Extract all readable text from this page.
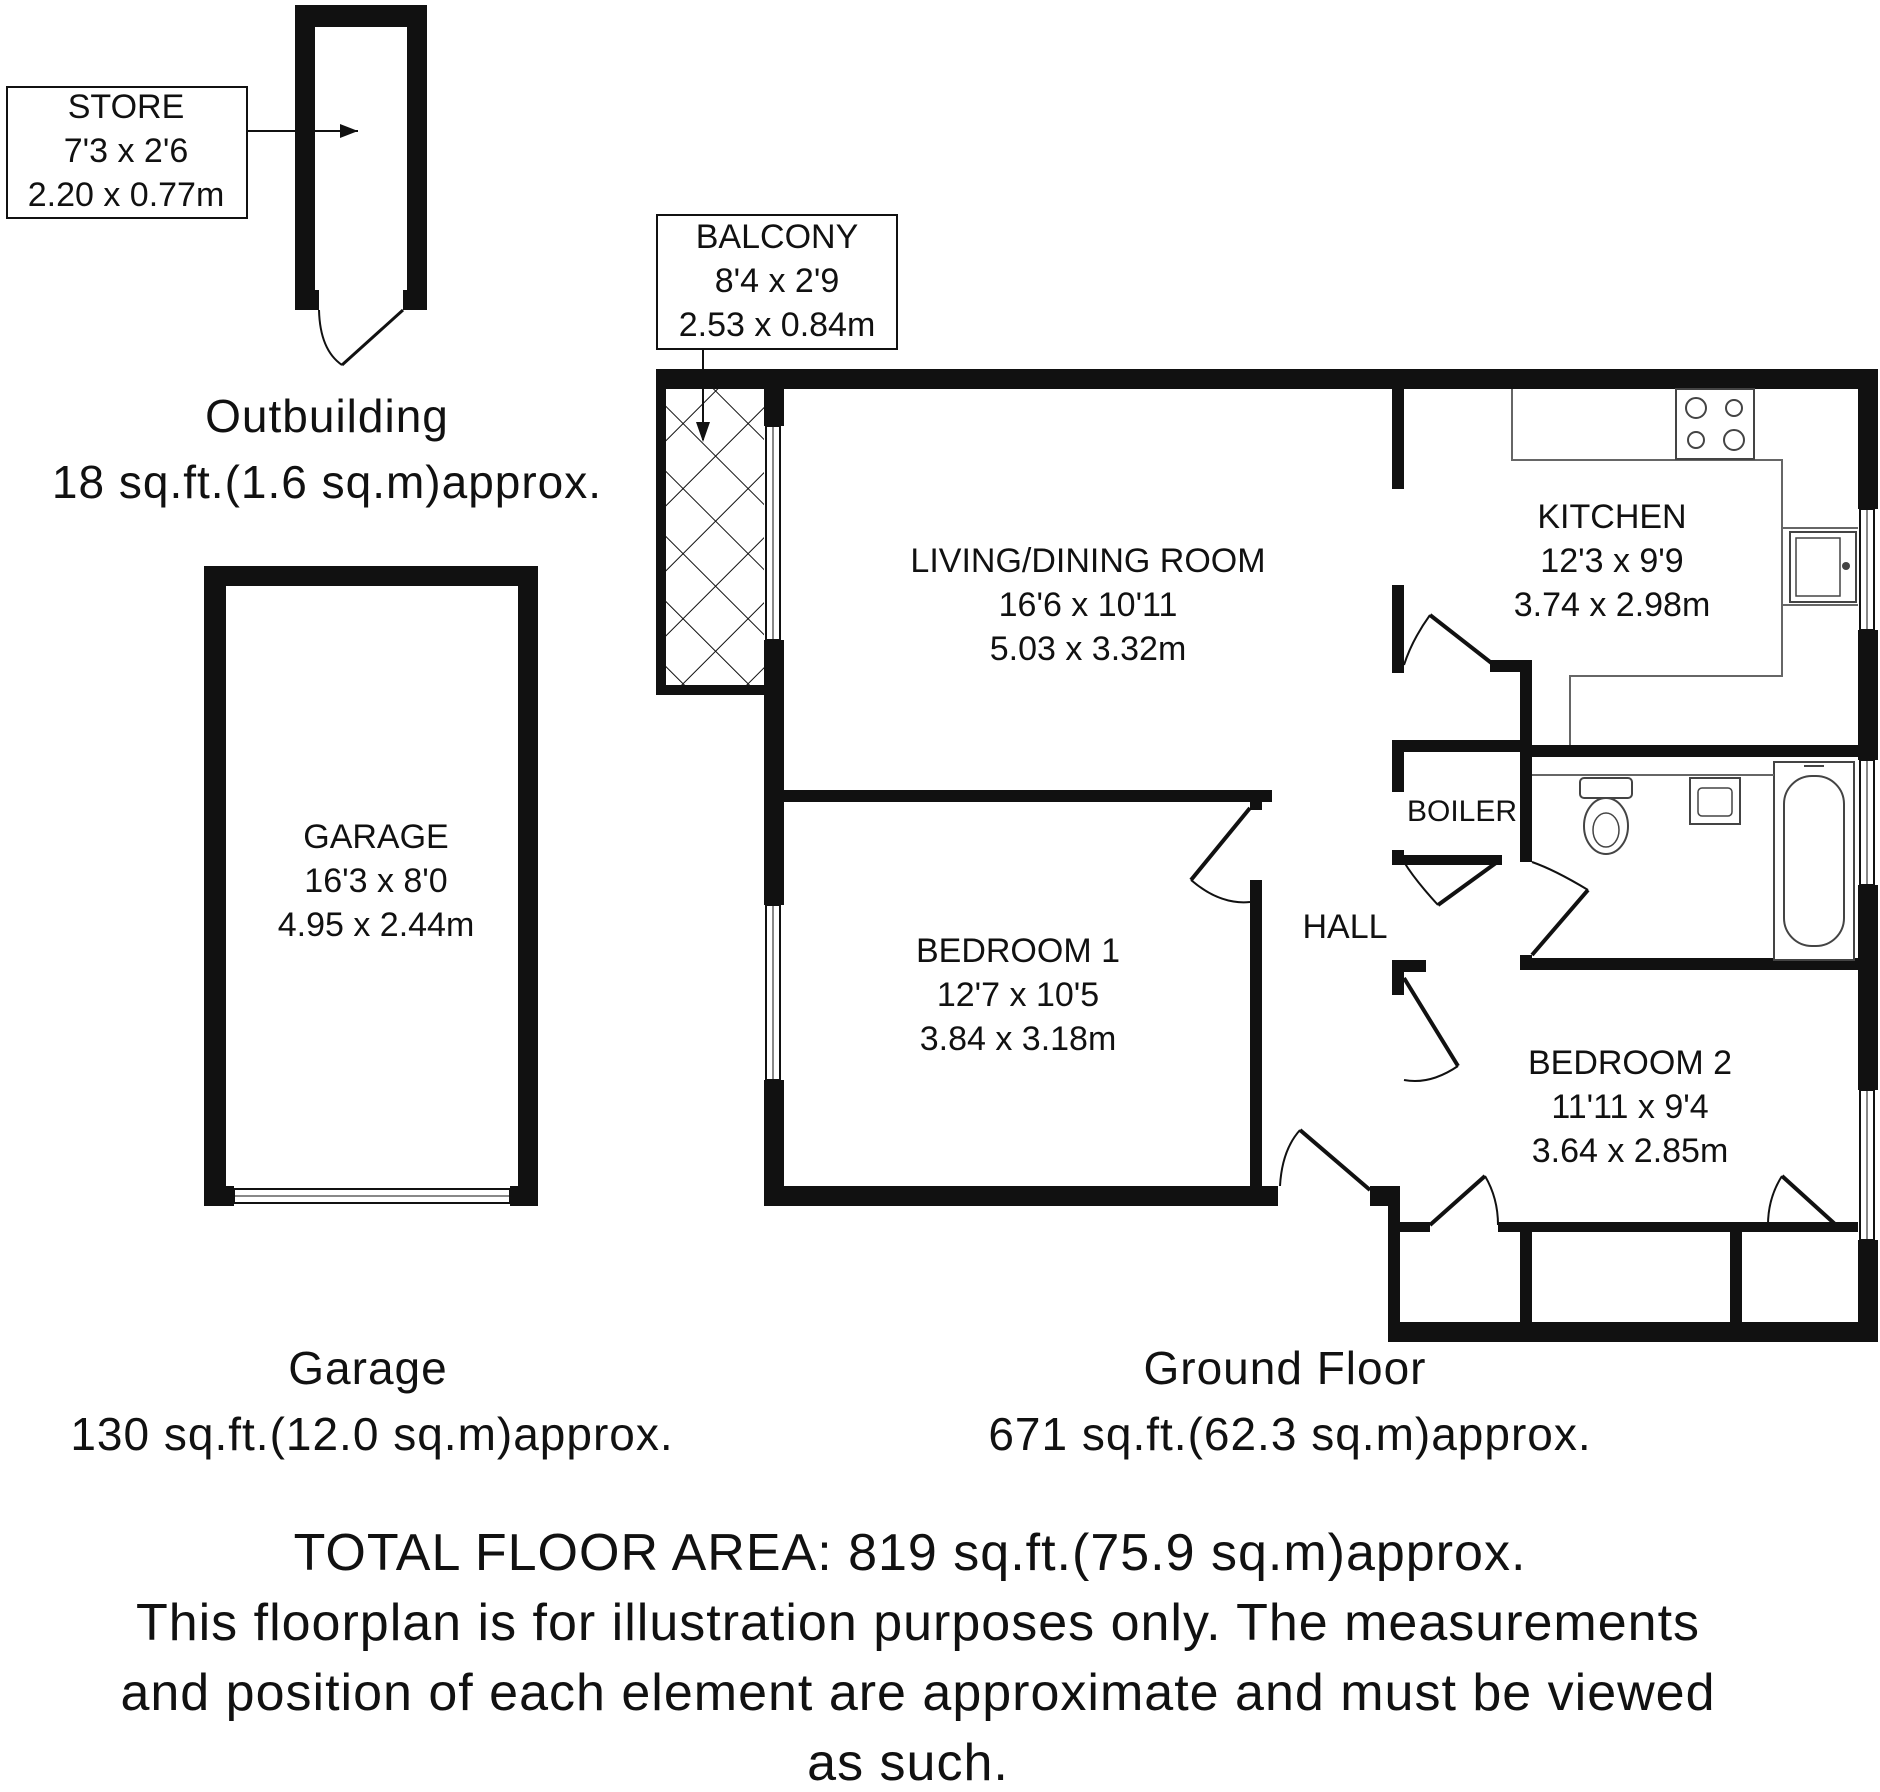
STORE
7'3 x 2'6
2.20 x 0.77m
Outbuilding
18 sq.ft.(1.6 sq.m)approx.
GARAGE
16'3 x 8'0
4.95 x 2.44m
Garage
130 sq.ft.(12.0 sq.m)approx.
BALCONY
8'4 x 2'9
2.53 x 0.84m
LIVING/DINING ROOM
16'6 x 10'11
5.03 x 3.32m
KITCHEN
12'3 x 9'9
3.74 x 2.98m
BEDROOM 1
12'7 x 10'5
3.84 x 3.18m
BEDROOM 2
11'11 x 9'4
3.64 x 2.85m
BOILER
HALL
Ground Floor
671 sq.ft.(62.3 sq.m)approx.
TOTAL FLOOR AREA: 819 sq.ft.(75.9 sq.m)approx.
This floorplan is for illustration purposes only. The measurements
and position of each element are approximate and must be viewed
as such.
